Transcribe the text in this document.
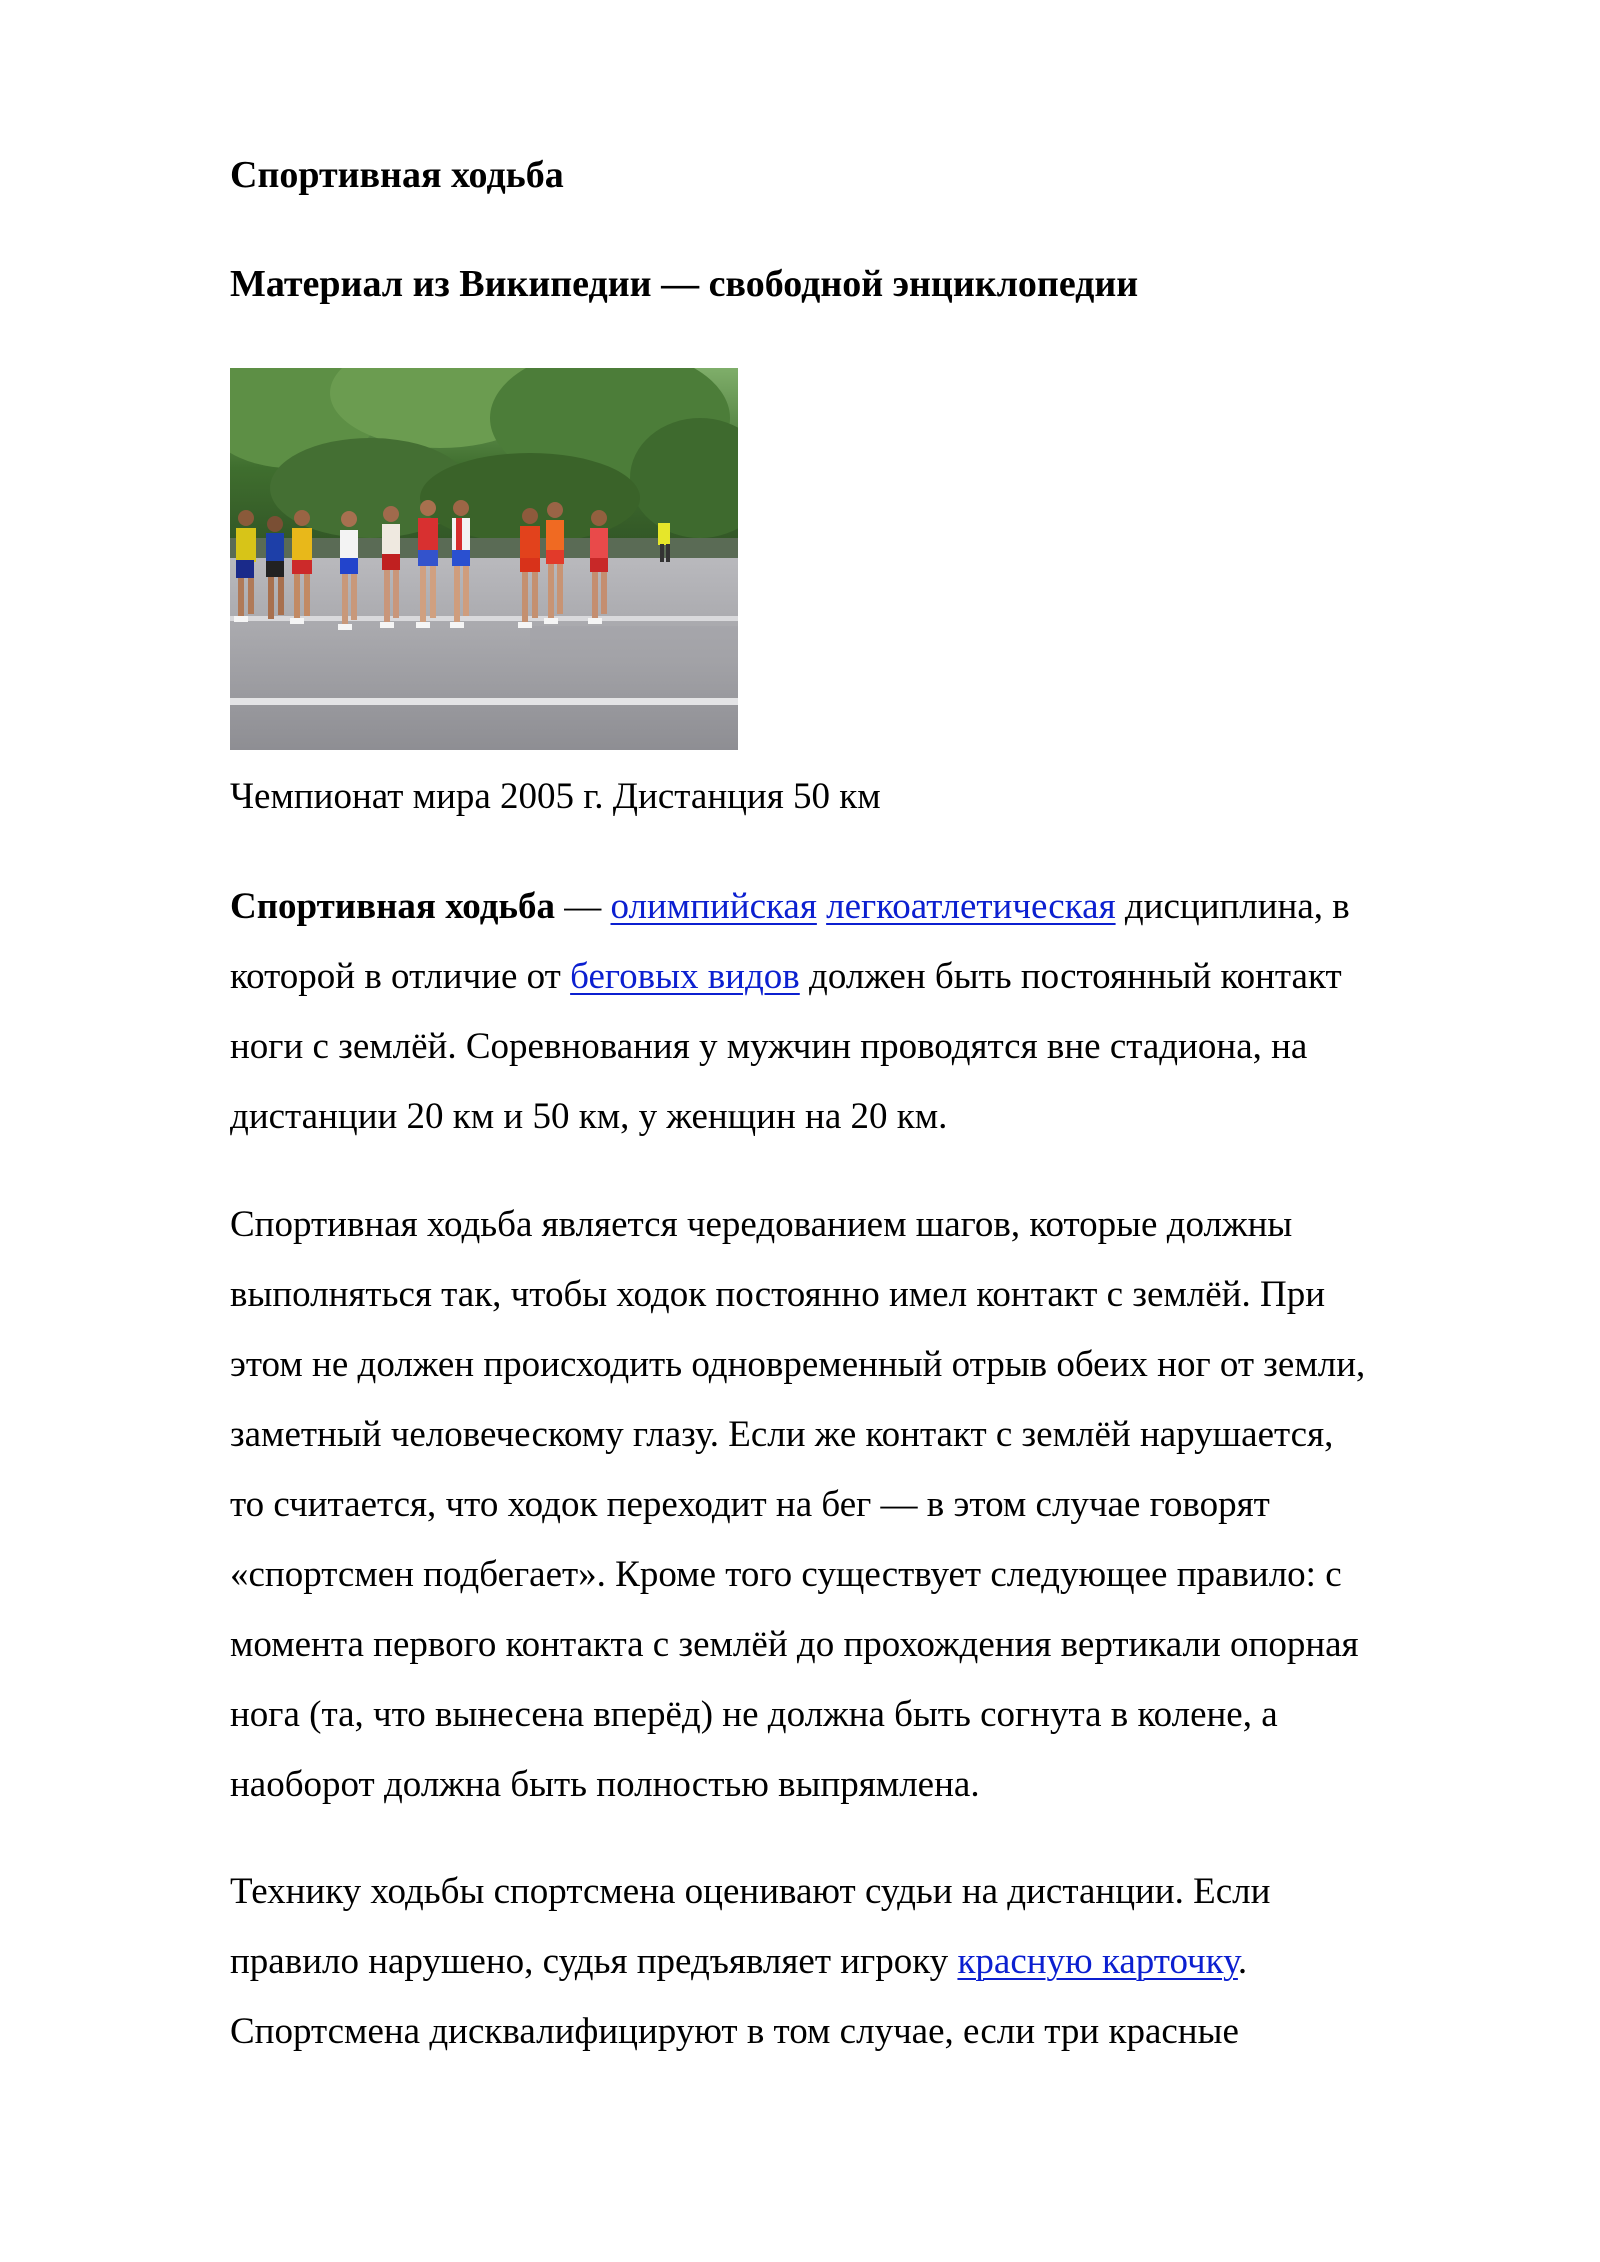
Спортивная ходьба
Материал из Википедии — свободной энциклопедии

Чемпионат мира 2005 г. Дистанция 50 км

Спортивная ходьба — олимпийская легкоатлетическая дисциплина, в
которой в отличие от беговых видов должен быть постоянный контакт
ноги с землёй. Соревнования у мужчин проводятся вне стадиона, на
дистанции 20 км и 50 км, у женщин на 20 км.

Спортивная ходьба является чередованием шагов, которые должны
выполняться так, чтобы ходок постоянно имел контакт с землёй. При
этом не должен происходить одновременный отрыв обеих ног от земли,
заметный человеческому глазу. Если же контакт с землёй нарушается,
то считается, что ходок переходит на бег — в этом случае говорят
«спортсмен подбегает». Кроме того существует следующее правило: с
момента первого контакта с землёй до прохождения вертикали опорная
нога (та, что вынесена вперёд) не должна быть согнута в колене, а
наоборот должна быть полностью выпрямлена.

Технику ходьбы спортсмена оценивают судьи на дистанции. Если
правило нарушено, судья предъявляет игроку красную карточку.
Спортсмена дисквалифицируют в том случае, если три красные
